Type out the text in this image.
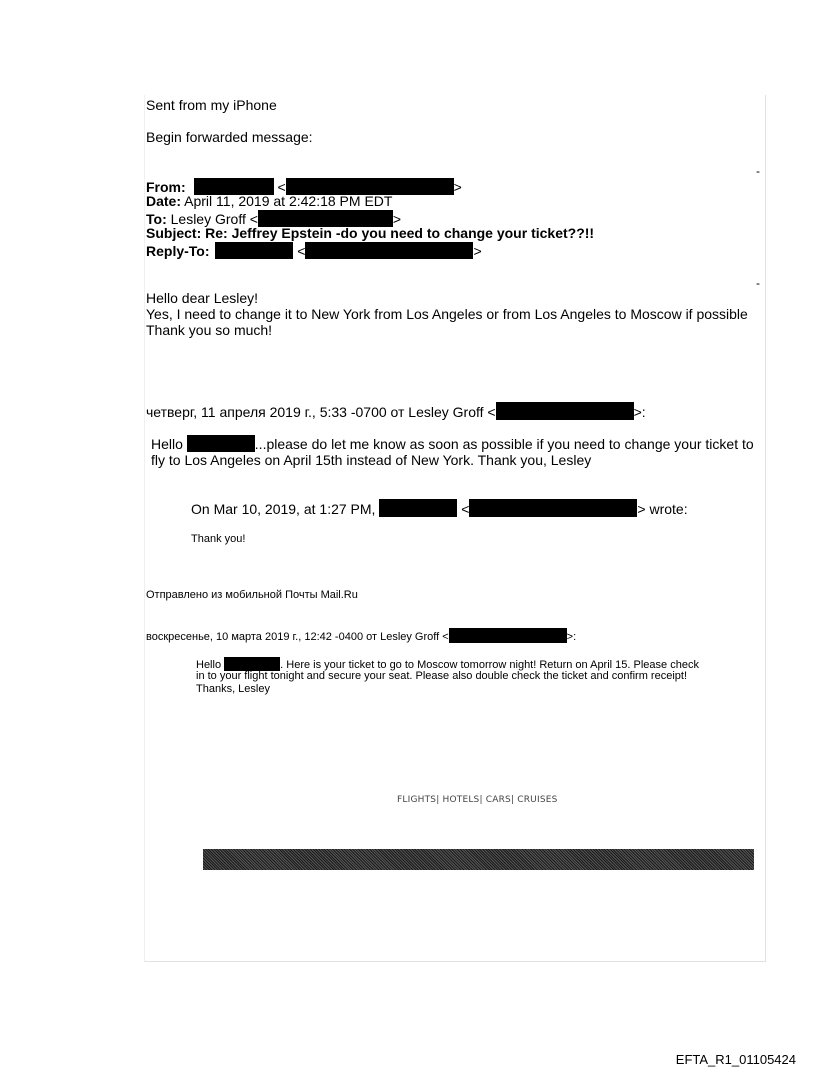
Sent from my iPhone
Begin forwarded message:
-
From:	<	>
Date: April 11, 2019 at 2:42:18 PM EDT
To: Lesley Groff <	>
Subject: Re: Jeffrey Epstein -do you need to change your ticket??!!
Reply-To:	<	>
-
Hello dear Lesley!
Yes, I need to change it to New York from Los Angeles or from Los Angeles to Moscow if possible
Thank you so much!
четверг, 11 апреля 2019 г., 5:33 -0700 от Lesley Groff <	>:
Hello	...please do let me know as soon as possible if you need to change your ticket to
fly to Los Angeles on April 15th instead of New York. Thank you, Lesley
On Mar 10, 2019, at 1:27 PM,	<	> wrote:
Thank you!
Отправлено из мобильной Почты Mail.Ru
воскресенье, 10 марта 2019 г., 12:42 -0400 от Lesley Groff <	>:
Hello	. Here is your ticket to go to Moscow tomorrow night! Return on April 15. Please check
in to your flight tonight and secure your seat. Please also double check the ticket and confirm receipt!
Thanks, Lesley
FLIGHTS| HOTELS| CARS| CRUISES
EFTA_R1_01105424
